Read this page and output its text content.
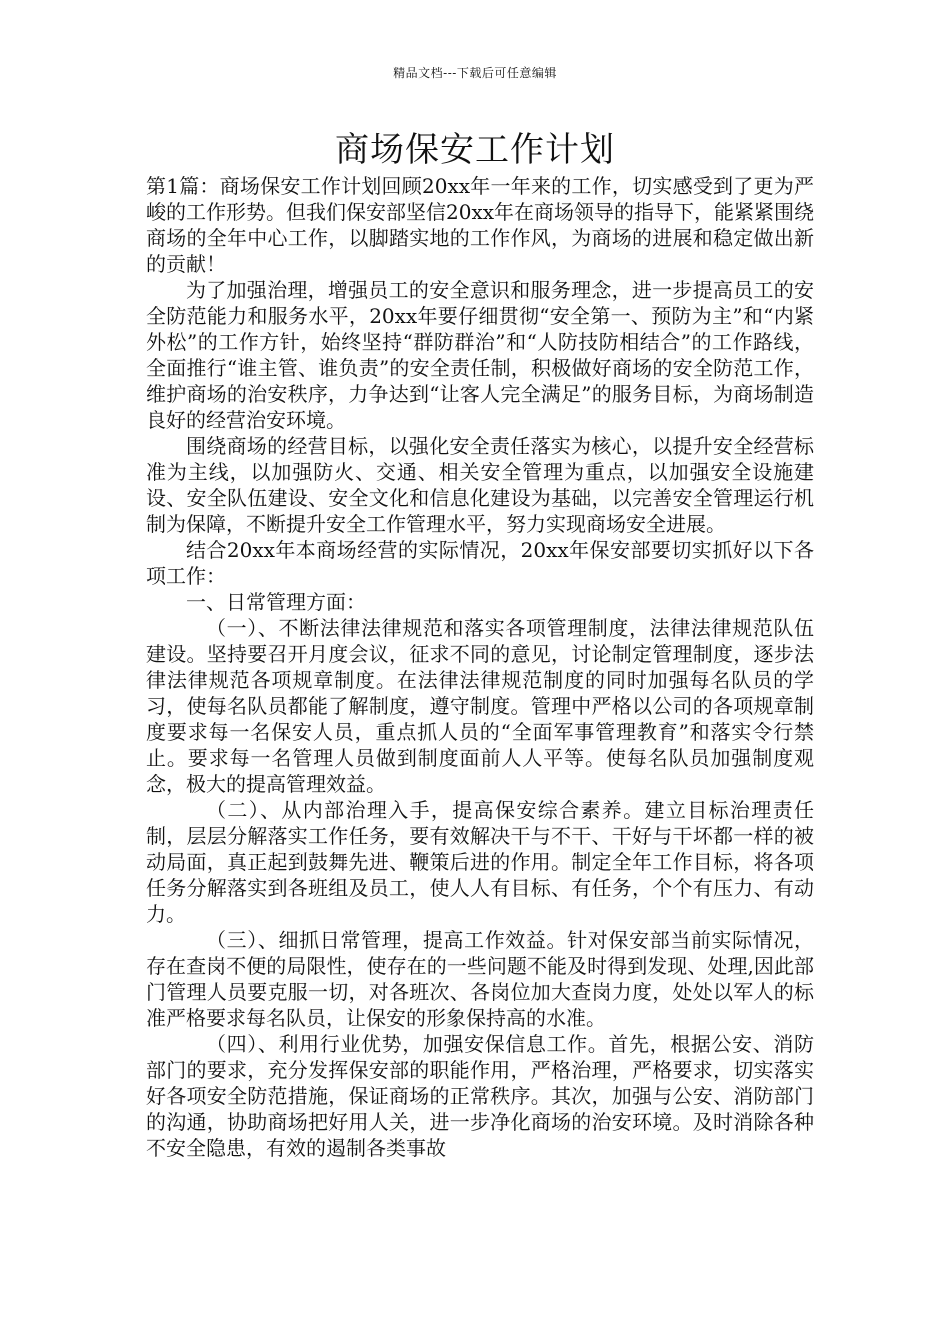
精品文档---下载后可任意编辑
商场保安工作计划

第1篇：商场保安工作计划回顾20xx年一年来的工作，切实感受到了更为严峻的工作形势。但我们保安部坚信20xx年在商场领导的指导下，能紧紧围绕商场的全年中心工作，以脚踏实地的工作作风，为商场的进展和稳定做出新的贡献！

为了加强治理，增强员工的安全意识和服务理念，进一步提高员工的安全防范能力和服务水平，20xx年要仔细贯彻“安全第一、预防为主”和“内紧外松”的工作方针，始终坚持“群防群治”和“人防技防相结合”的工作路线，全面推行“谁主管、谁负责”的安全责任制，积极做好商场的安全防范工作，维护商场的治安秩序，力争达到“让客人完全满足”的服务目标，为商场制造良好的经营治安环境。

围绕商场的经营目标，以强化安全责任落实为核心，以提升安全经营标准为主线，以加强防火、交通、相关安全管理为重点，以加强安全设施建设、安全队伍建设、安全文化和信息化建设为基础，以完善安全管理运行机制为保障，不断提升安全工作管理水平，努力实现商场安全进展。

结合20xx年本商场经营的实际情况，20xx年保安部要切实抓好以下各项工作：

一、日常管理方面：

（一）、不断法律法律规范和落实各项管理制度，法律法律规范队伍建设。坚持要召开月度会议，征求不同的意见，讨论制定管理制度，逐步法律法律规范各项规章制度。在法律法律规范制度的同时加强每名队员的学习，使每名队员都能了解制度，遵守制度。管理中严格以公司的各项规章制度要求每一名保安人员，重点抓人员的“全面军事管理教育”和落实令行禁止。要求每一名管理人员做到制度面前人人平等。使每名队员加强制度观念，极大的提高管理效益。

（二）、从内部治理入手，提高保安综合素养。建立目标治理责任制，层层分解落实工作任务，要有效解决干与不干、干好与干坏都一样的被动局面，真正起到鼓舞先进、鞭策后进的作用。制定全年工作目标，将各项任务分解落实到各班组及员工，使人人有目标、有任务，个个有压力、有动力。

（三）、细抓日常管理，提高工作效益。针对保安部当前实际情况，存在查岗不便的局限性，使存在的一些问题不能及时得到发现、处理,因此部门管理人员要克服一切，对各班次、各岗位加大查岗力度，处处以军人的标准严格要求每名队员，让保安的形象保持高的水准。

（四）、利用行业优势，加强安保信息工作。首先，根据公安、消防部门的要求，充分发挥保安部的职能作用，严格治理，严格要求，切实落实好各项安全防范措施，保证商场的正常秩序。其次，加强与公安、消防部门的沟通，协助商场把好用人关，进一步净化商场的治安环境。及时消除各种不安全隐患，有效的遏制各类事故
